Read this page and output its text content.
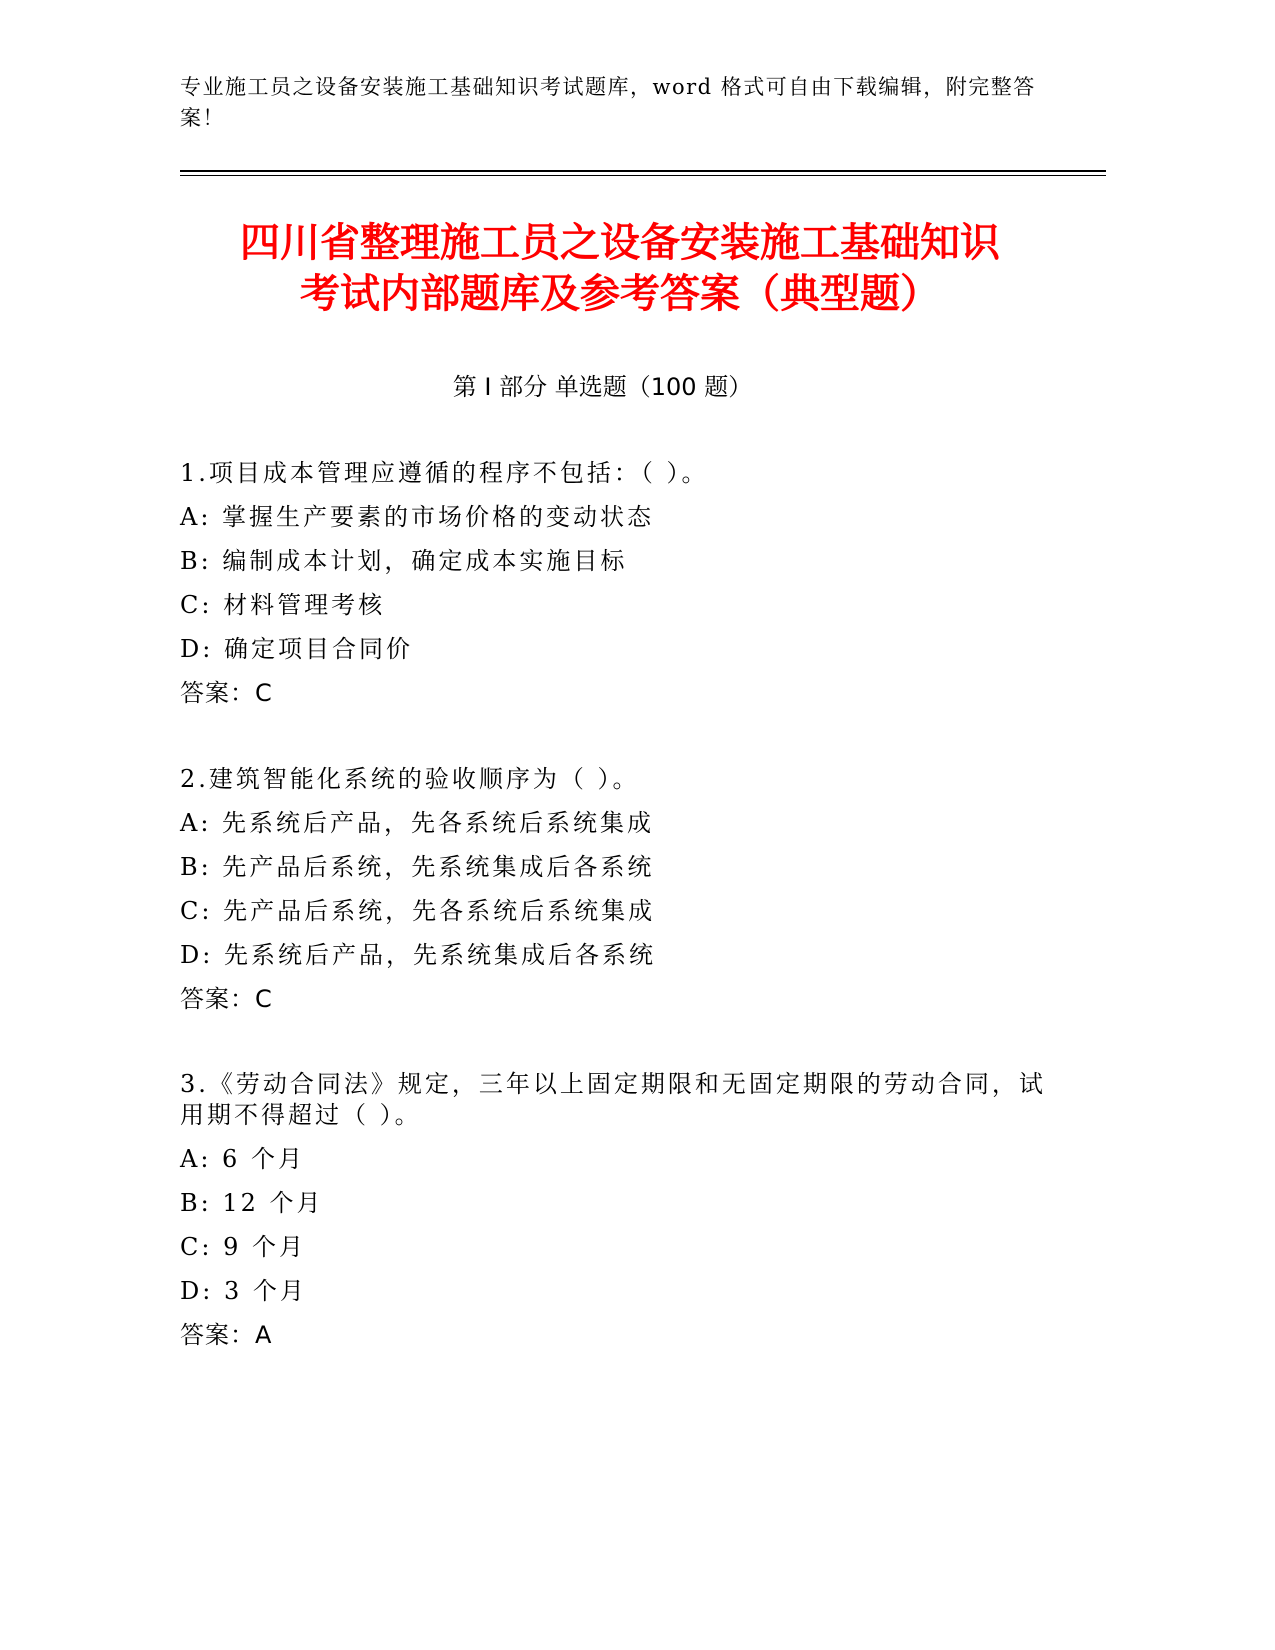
专业施工员之设备安装施工基础知识考试题库，word 格式可自由下载编辑，附完整答案！
四川省整理施工员之设备安装施工基础知识
考试内部题库及参考答案（典型题）
第 I 部分 单选题（100 题）
1.项目成本管理应遵循的程序不包括：（ ）。
A: 掌握生产要素的市场价格的变动状态
B: 编制成本计划，确定成本实施目标
C: 材料管理考核
D: 确定项目合同价
答案：C
2.建筑智能化系统的验收顺序为（ ）。
A: 先系统后产品，先各系统后系统集成
B: 先产品后系统，先系统集成后各系统
C: 先产品后系统，先各系统后系统集成
D: 先系统后产品，先系统集成后各系统
答案：C
3.《劳动合同法》规定，三年以上固定期限和无固定期限的劳动合同，试用期不得超过（ ）。
A: 6 个月
B: 12 个月
C: 9 个月
D: 3 个月
答案：A
